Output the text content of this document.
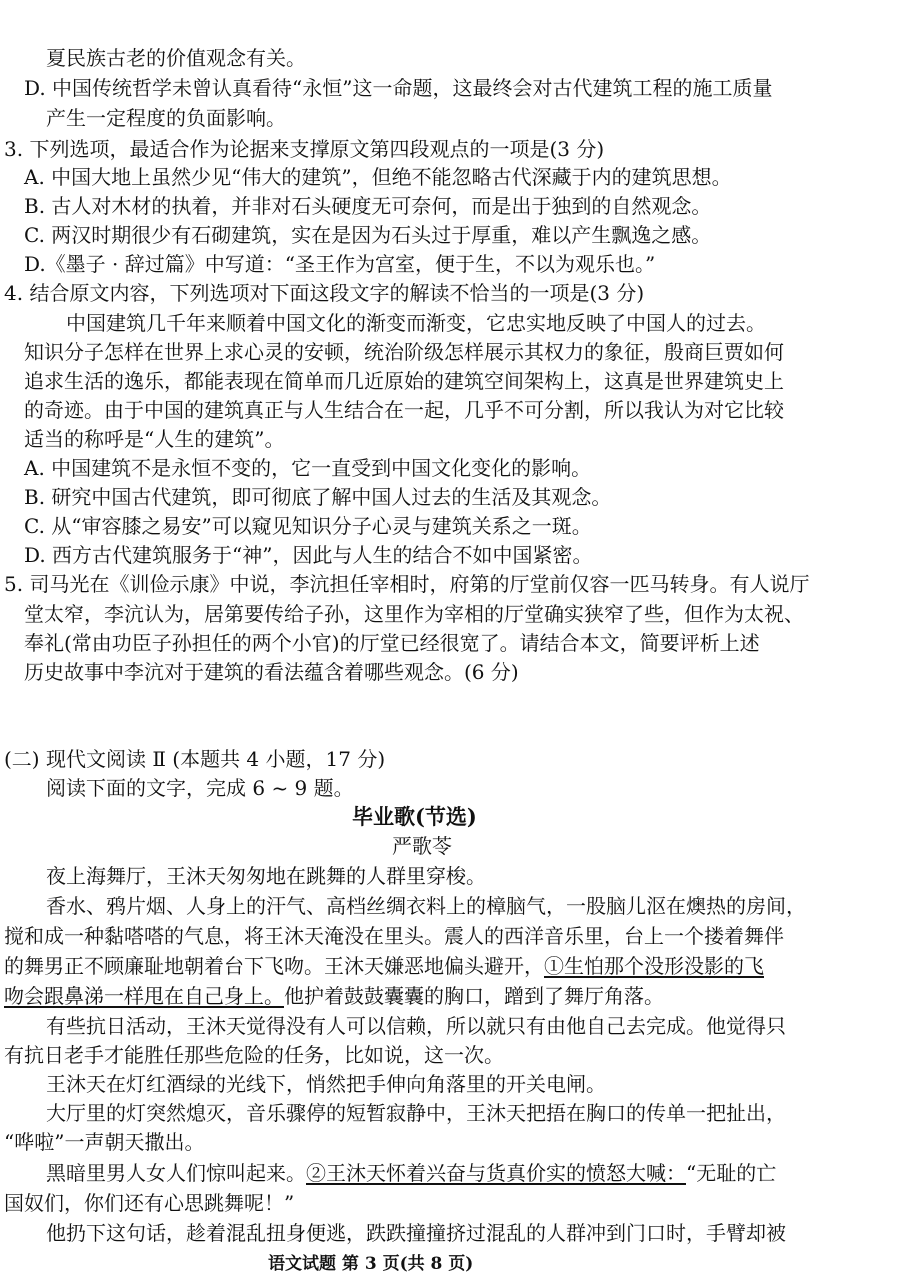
夏民族古老的价值观念有关。
D. 中国传统哲学未曾认真看待“永恒”这一命题，这最终会对古代建筑工程的施工质量
产生一定程度的负面影响。
3. 下列选项，最适合作为论据来支撑原文第四段观点的一项是(3 分)
A. 中国大地上虽然少见“伟大的建筑”，但绝不能忽略古代深藏于内的建筑思想。
B. 古人对木材的执着，并非对石头硬度无可奈何，而是出于独到的自然观念。
C. 两汉时期很少有石砌建筑，实在是因为石头过于厚重，难以产生飘逸之感。
D.《墨子 · 辞过篇》中写道：“圣王作为宫室，便于生，不以为观乐也。”
4. 结合原文内容，下列选项对下面这段文字的解读不恰当的一项是(3 分)
中国建筑几千年来顺着中国文化的渐变而渐变，它忠实地反映了中国人的过去。
知识分子怎样在世界上求心灵的安顿，统治阶级怎样展示其权力的象征，殷商巨贾如何
追求生活的逸乐，都能表现在简单而几近原始的建筑空间架构上，这真是世界建筑史上
的奇迹。由于中国的建筑真正与人生结合在一起，几乎不可分割，所以我认为对它比较
适当的称呼是“人生的建筑”。
A. 中国建筑不是永恒不变的，它一直受到中国文化变化的影响。
B. 研究中国古代建筑，即可彻底了解中国人过去的生活及其观念。
C. 从“审容膝之易安”可以窥见知识分子心灵与建筑关系之一斑。
D. 西方古代建筑服务于“神”，因此与人生的结合不如中国紧密。
5. 司马光在《训俭示康》中说，李沆担任宰相时，府第的厅堂前仅容一匹马转身。有人说厅
堂太窄，李沆认为，居第要传给子孙，这里作为宰相的厅堂确实狭窄了些，但作为太祝、
奉礼(常由功臣子孙担任的两个小官)的厅堂已经很宽了。请结合本文，简要评析上述
历史故事中李沆对于建筑的看法蕴含着哪些观念。(6 分)
(二) 现代文阅读 Ⅱ (本题共 4 小题，17 分)
阅读下面的文字，完成 6 ~ 9 题。
毕业歌(节选)
严歌苓
夜上海舞厅，王沐天匆匆地在跳舞的人群里穿梭。
香水、鸦片烟、人身上的汗气、高档丝绸衣料上的樟脑气，一股脑儿沤在燠热的房间，
搅和成一种黏嗒嗒的气息，将王沐天淹没在里头。震人的西洋音乐里，台上一个搂着舞伴
的舞男正不顾廉耻地朝着台下飞吻。王沐天嫌恶地偏头避开，①生怕那个没形没影的飞
吻会跟鼻涕一样甩在自己身上。他护着鼓鼓囊囊的胸口，蹭到了舞厅角落。
有些抗日活动，王沐天觉得没有人可以信赖，所以就只有由他自己去完成。他觉得只
有抗日老手才能胜任那些危险的任务，比如说，这一次。
王沐天在灯红酒绿的光线下，悄然把手伸向角落里的开关电闸。
大厅里的灯突然熄灭，音乐骤停的短暂寂静中，王沐天把捂在胸口的传单一把扯出，
“哗啦”一声朝天撒出。
黑暗里男人女人们惊叫起来。②王沐天怀着兴奋与货真价实的愤怒大喊：“无耻的亡
国奴们，你们还有心思跳舞呢！”
他扔下这句话，趁着混乱扭身便逃，跌跌撞撞挤过混乱的人群冲到门口时，手臂却被
语文试题 第 3 页(共 8 页)
